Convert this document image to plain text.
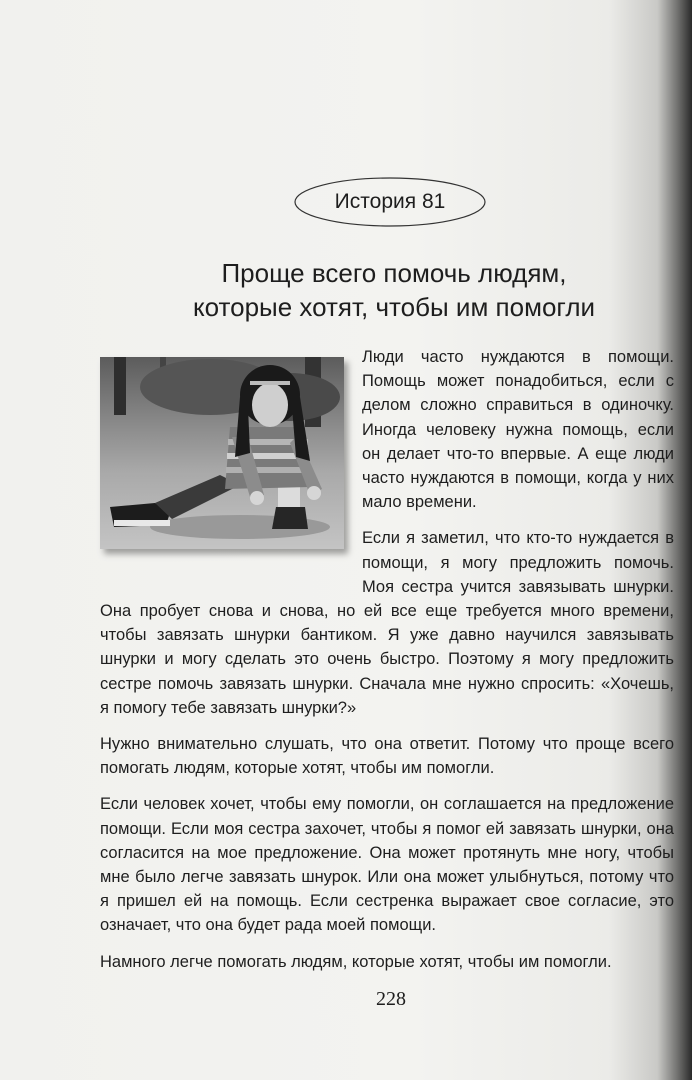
История 81
Проще всего помочь людям,
которые хотят, чтобы им помогли

Люди часто нуждаются в помощи. Помощь может понадобиться, если с делом сложно справиться в одиночку. Иногда человеку нужна помощь, если он делает что-то впервые. А еще люди часто нуждаются в помощи, когда у них мало времени.

Если я заметил, что кто-то нуждается в помощи, я могу предложить помочь. Моя сестра учится завязывать шнурки. Она пробует снова и снова, но ей все еще требуется много времени, чтобы завязать шнурки бантиком. Я уже давно научился завязывать шнурки и могу сделать это очень быстро. Поэтому я могу предложить сестре помочь завязать шнурки. Сначала мне нужно спросить: «Хочешь, я помогу тебе завязать шнурки?»

Нужно внимательно слушать, что она ответит. Потому что проще всего помогать людям, которые хотят, чтобы им помогли.

Если человек хочет, чтобы ему помогли, он соглашается на предложение помощи. Если моя сестра захочет, чтобы я помог ей завязать шнурки, она согласится на мое предложение. Она может протянуть мне ногу, чтобы мне было легче завязать шнурок. Или она может улыбнуться, потому что я пришел ей на помощь. Если сестренка выражает свое согласие, это означает, что она будет рада моей помощи.

Намного легче помогать людям, которые хотят, чтобы им помогли.

228
